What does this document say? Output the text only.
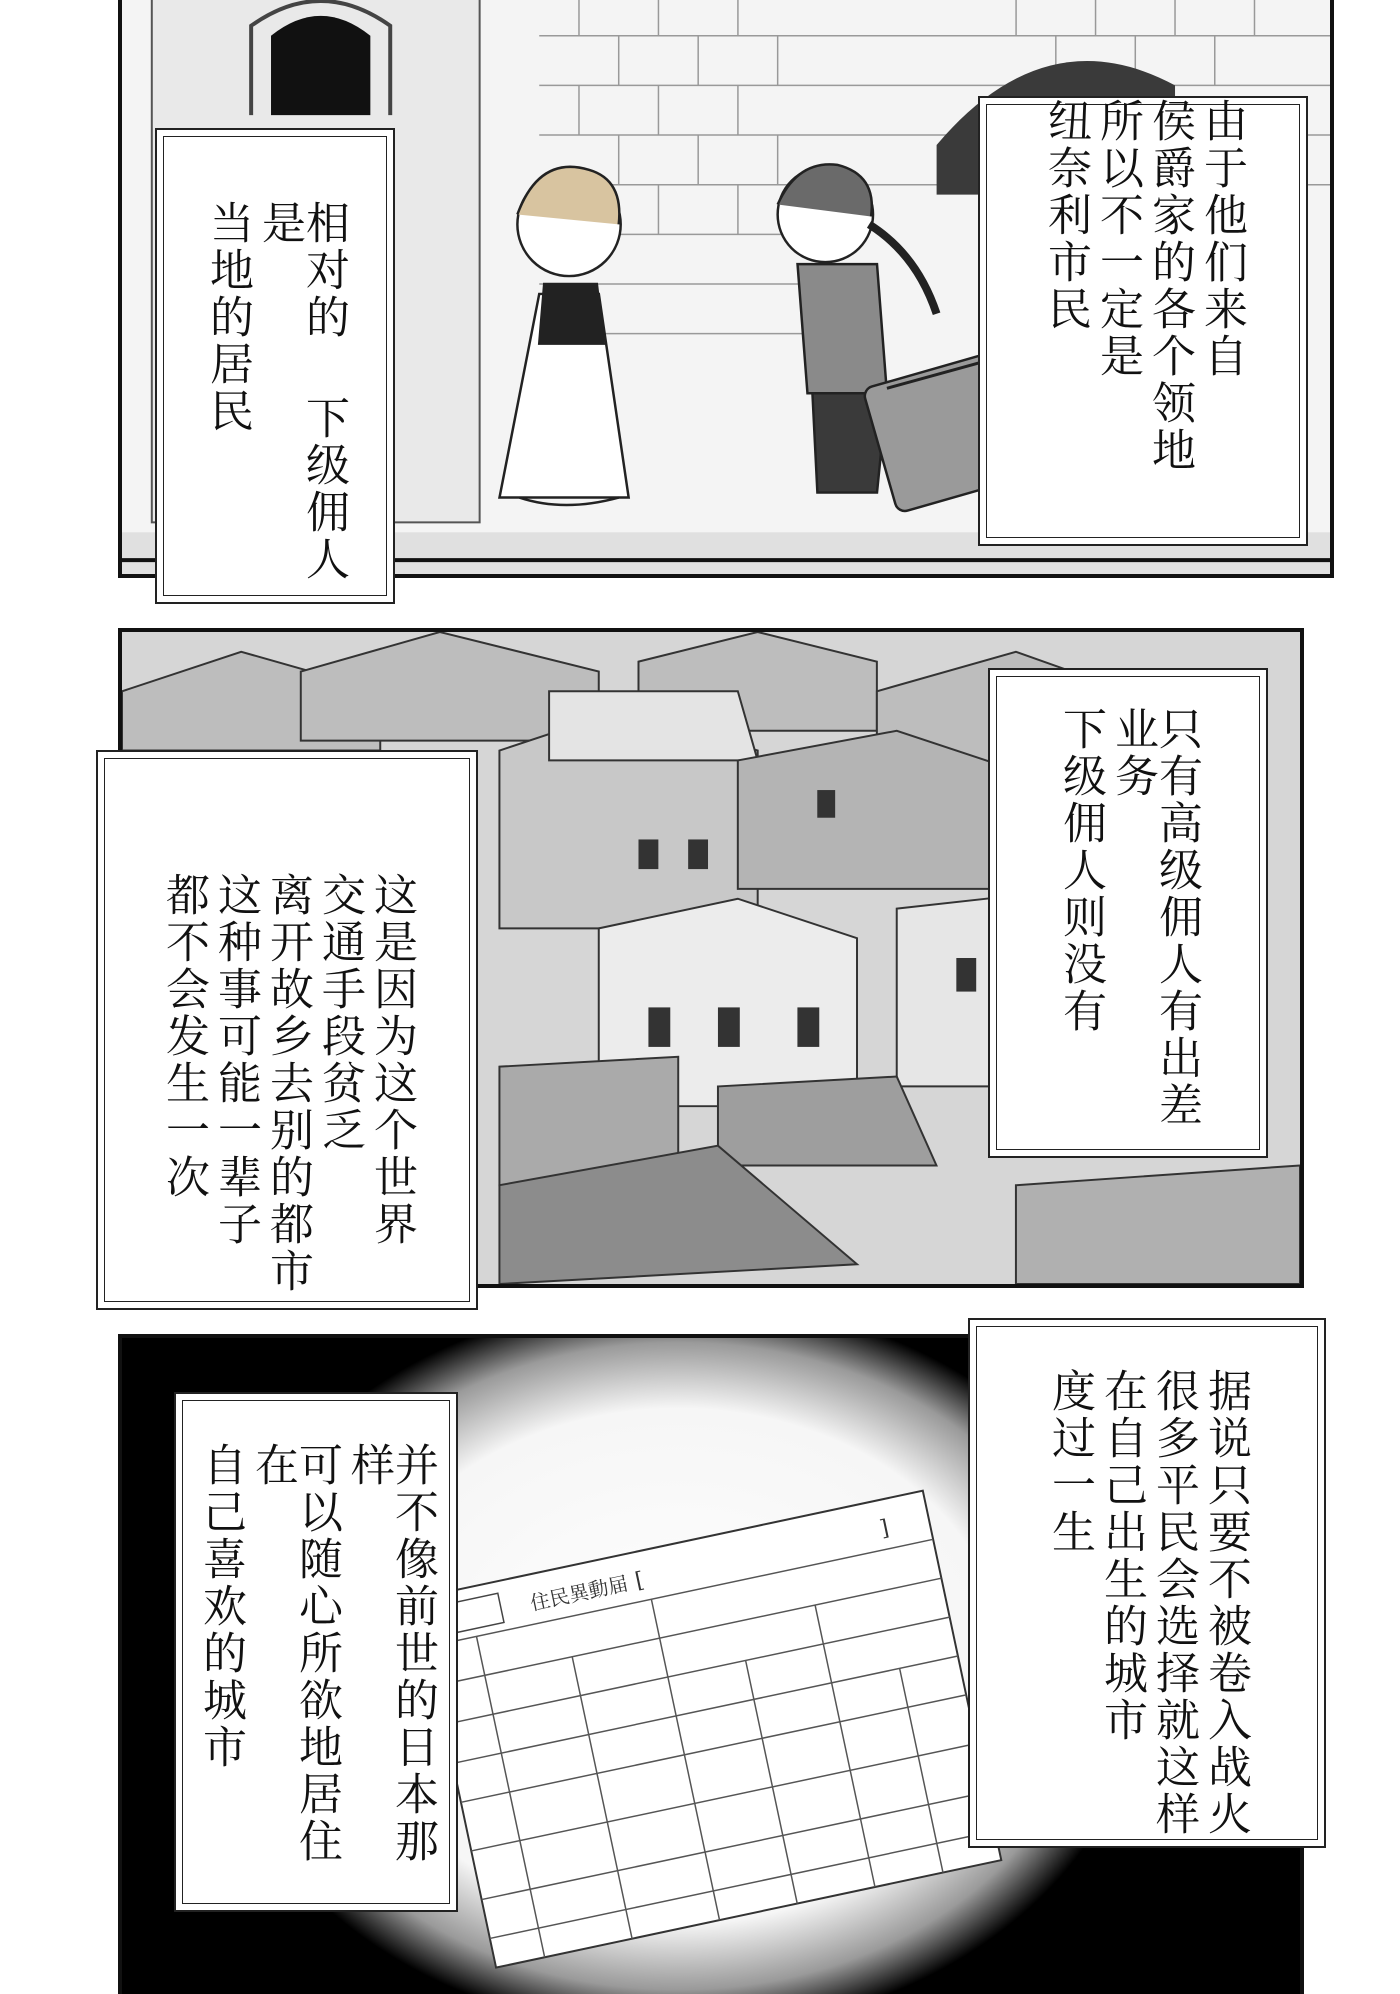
由于他们来自
侯爵家的各个领地
所以不一定是
纽奈利市民
相对的 下级佣人是
当地的居民
只有高级佣人有出差业务
下级佣人则没有
这是因为这个世界
交通手段贫乏
离开故乡去别的都市
这种事可能一辈子
都不会发生一次
住民異動届 [
]	据说只要不被卷入战火
很多平民会选择就这样
在自己出生的城市
度过一生
并不像前世的日本那样
可以随心所欲地居住在
自己喜欢的城市
